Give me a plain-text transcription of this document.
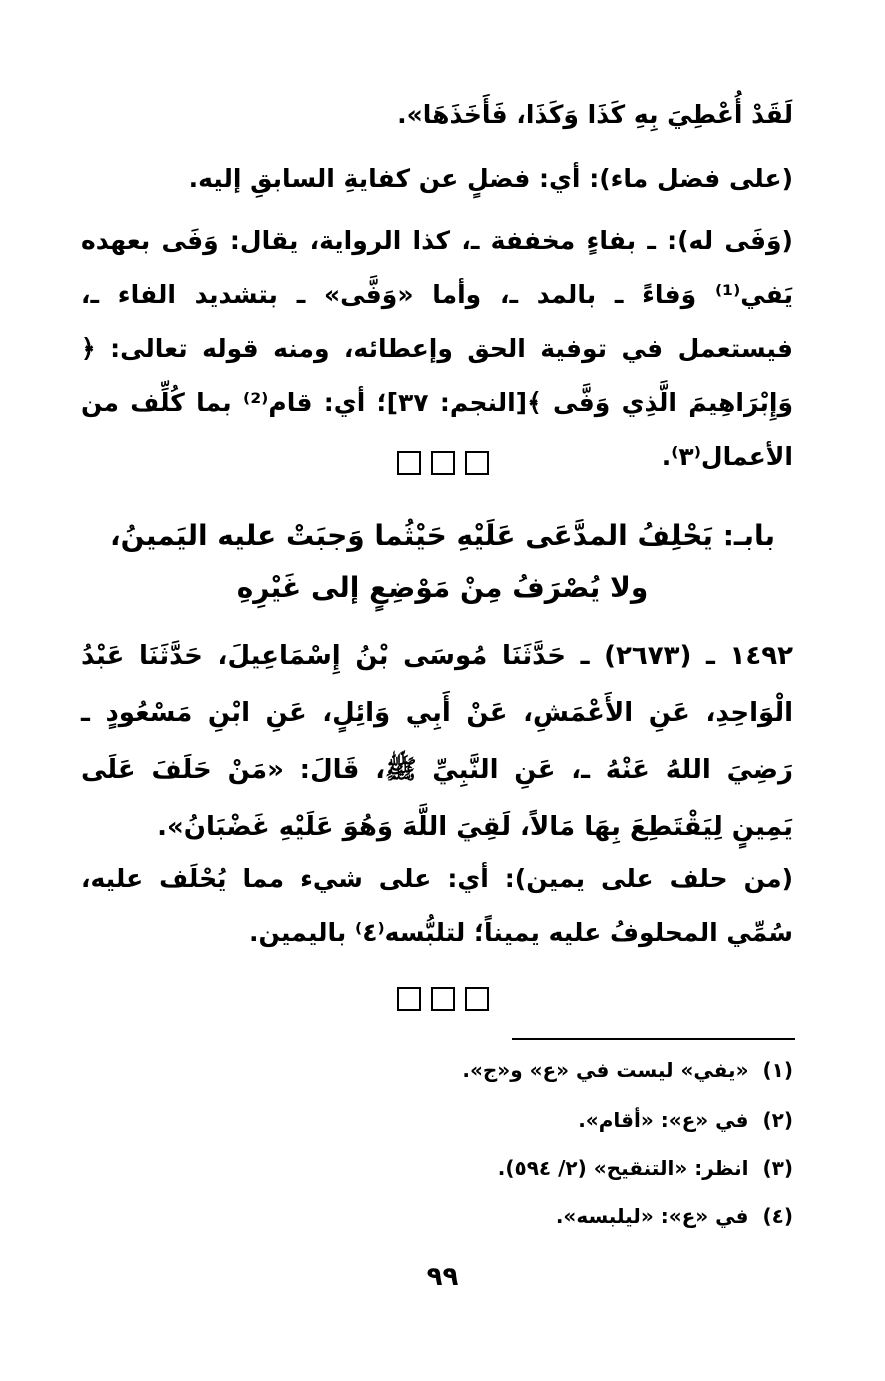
لَقَدْ أُعْطِيَ بِهِ كَذَا وَكَذَا، فَأَخَذَهَا».
(على فضل ماء): أي: فضلٍ عن كفايةِ السابقِ إليه.
(وَفَى له): ـ بفاءٍ مخففة ـ، كذا الرواية، يقال: وَفَى بعهده يَفي⁽¹⁾ وَفاءً ـ بالمد ـ، وأما «وَفَّى» ـ بتشديد الفاء ـ، فيستعمل في توفية الحق وإعطائه، ومنه قوله تعالى: ﴿ وَإِبْرَاهِيمَ الَّذِي وَفَّى ﴾[النجم: ٣٧]؛ أي: قام⁽²⁾ بما كُلِّف من الأعمال⁽٣⁾.
بابـ: يَحْلِفُ المدَّعَى عَلَيْهِ حَيْثُما وَجبَتْ عليه اليَمينُ،
ولا يُصْرَفُ مِنْ مَوْضِعٍ إلى غَيْرِهِ
١٤٩٢ ـ (٢٦٧٣) ـ حَدَّثَنَا مُوسَى بْنُ إِسْمَاعِيلَ، حَدَّثَنَا عَبْدُ الْوَاحِدِ، عَنِ الأَعْمَشِ، عَنْ أَبِي وَائِلٍ، عَنِ ابْنِ مَسْعُودٍ ـ رَضِيَ اللهُ عَنْهُ ـ، عَنِ النَّبِيِّ ﷺ، قَالَ: «مَنْ حَلَفَ عَلَى يَمِينٍ لِيَقْتَطِعَ بِهَا مَالاً، لَقِيَ اللَّهَ وَهُوَ عَلَيْهِ غَضْبَانُ».
(من حلف على يمين): أي: على شيء مما يُحْلَف عليه، سُمِّي المحلوفُ عليه يميناً؛ لتلبُّسه⁽٤⁾ باليمين.
(١)«يفي» ليست في «ع» و«ج».
(٢)في «ع»: «أقام».
(٣)انظر: «التنقيح» (٢/ ٥٩٤).
(٤)في «ع»: «ليلبسه».
٩٩
